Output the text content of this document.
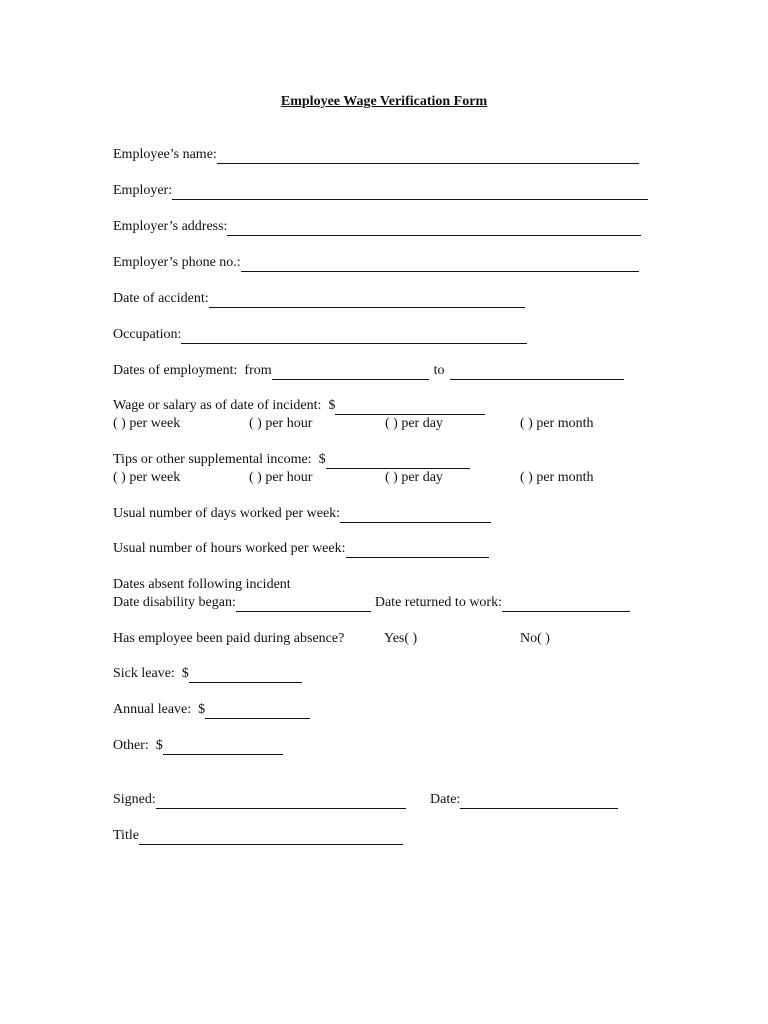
Employee Wage Verification Form
Employee’s name:
Employer:
Employer’s address:
Employer’s phone no.:
Date of accident:
Occupation:
Dates of employment:  from	to
Wage or salary as of date of incident:  $
( ) per week	( ) per hour	( ) per day	( ) per month
Tips or other supplemental income:  $
( ) per week	( ) per hour	( ) per day	( ) per month
Usual number of days worked per week:
Usual number of hours worked per week:
Dates absent following incident
Date disability began:	Date returned to work:
Has employee been paid during absence?	Yes( )	No( )
Sick leave:  $
Annual leave:  $
Other:  $
Signed:	Date:
Title
